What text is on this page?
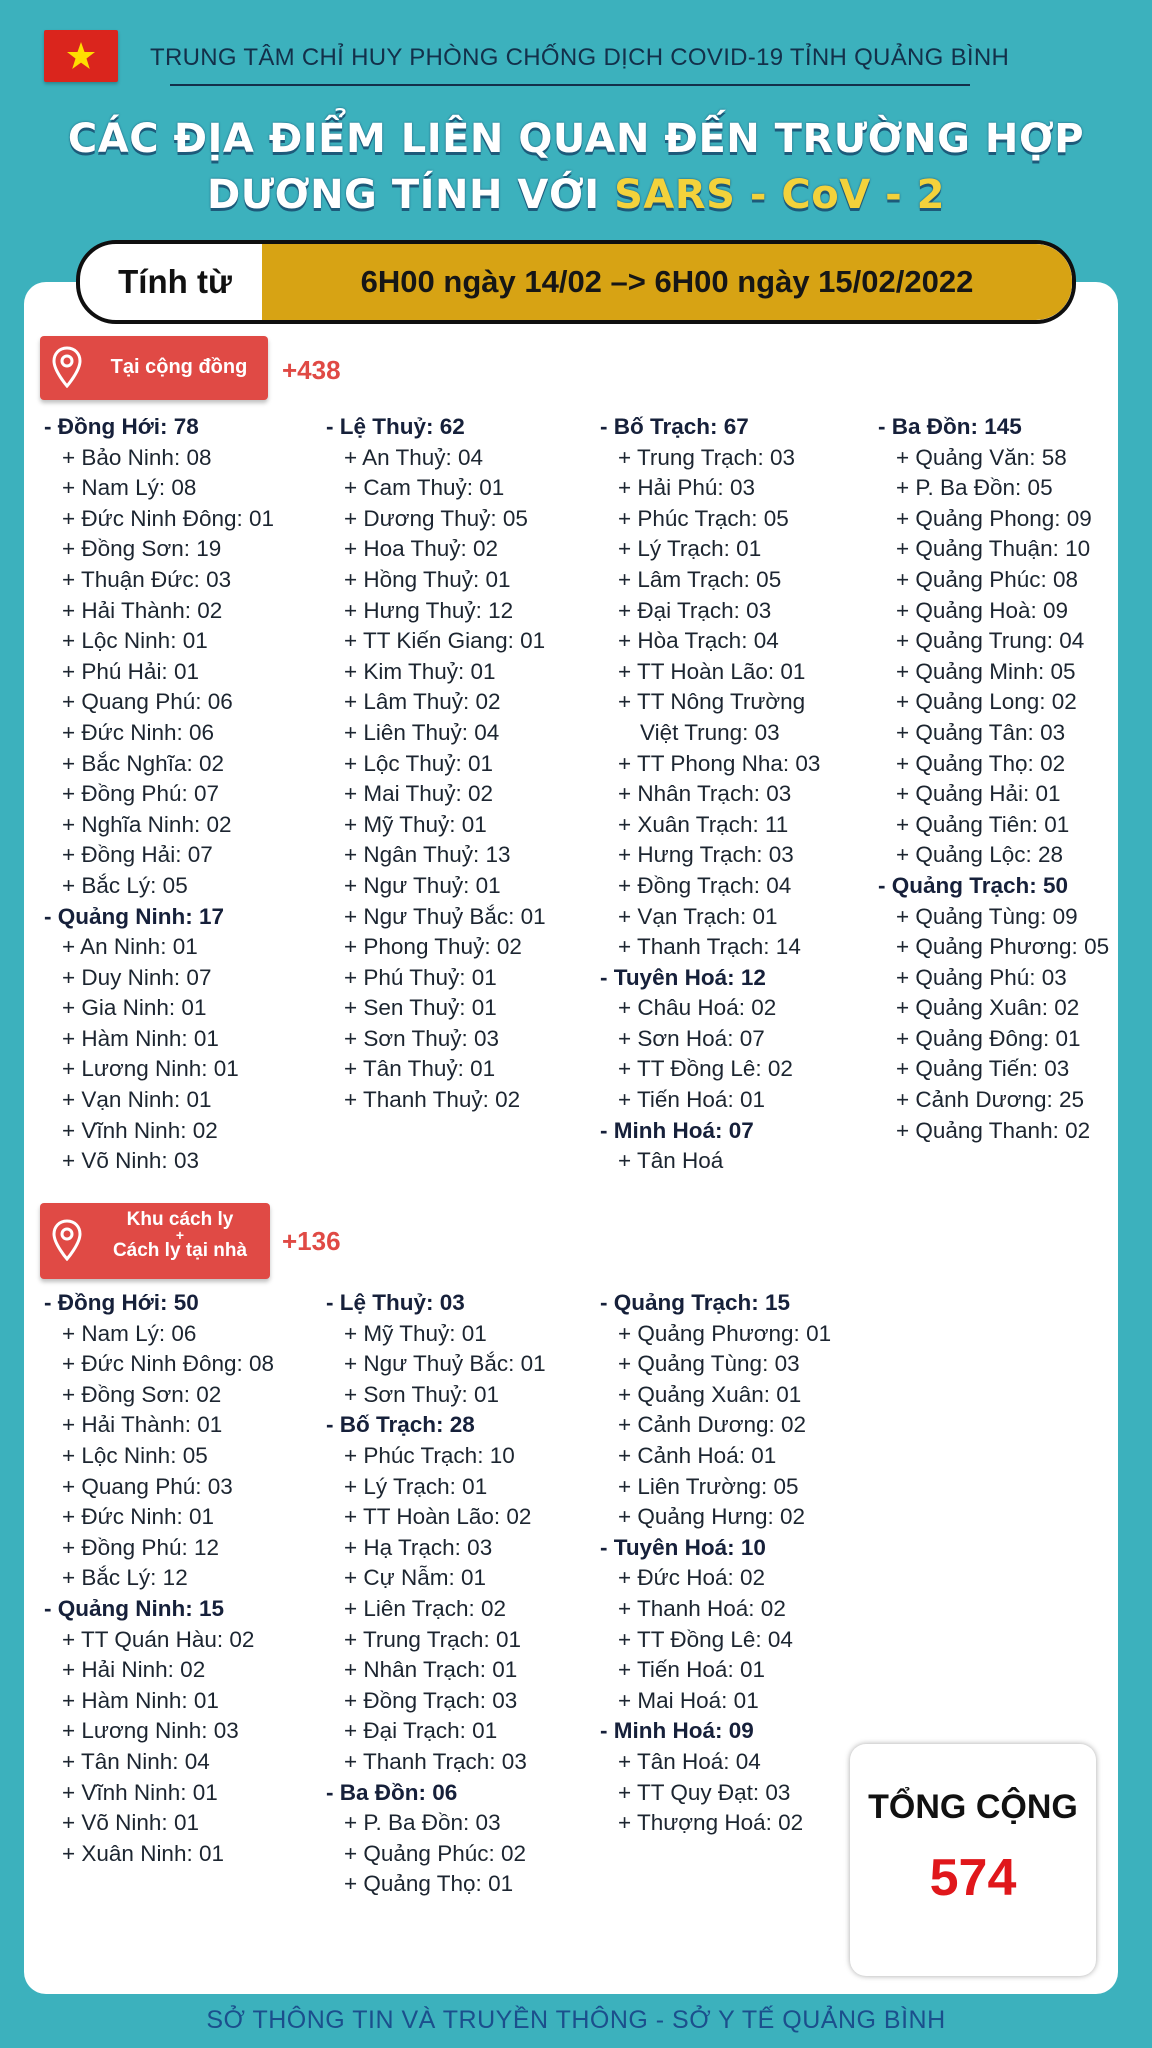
TRUNG TÂM CHỈ HUY PHÒNG CHỐNG DỊCH COVID-19 TỈNH QUẢNG BÌNH
CÁC ĐỊA ĐIỂM LIÊN QUAN ĐẾN TRƯỜNG HỢP
DƯƠNG TÍNH VỚI SARS - CoV - 2
Tính từ	6H00 ngày 14/02 –> 6H00 ngày 15/02/2022
Tại cộng đồng	+438
- Đồng Hới: 78
+ Bảo Ninh: 08
+ Nam Lý: 08
+ Đức Ninh Đông: 01
+ Đồng Sơn: 19
+ Thuận Đức: 03
+ Hải Thành: 02
+ Lộc Ninh: 01
+ Phú Hải: 01
+ Quang Phú: 06
+ Đức Ninh: 06
+ Bắc Nghĩa: 02
+ Đồng Phú: 07
+ Nghĩa Ninh: 02
+ Đồng Hải: 07
+ Bắc Lý: 05
- Quảng Ninh: 17
+ An Ninh: 01
+ Duy Ninh: 07
+ Gia Ninh: 01
+ Hàm Ninh: 01
+ Lương Ninh: 01
+ Vạn Ninh: 01
+ Vĩnh Ninh: 02
+ Võ Ninh: 03
- Lệ Thuỷ: 62
+ An Thuỷ: 04
+ Cam Thuỷ: 01
+ Dương Thuỷ: 05
+ Hoa Thuỷ: 02
+ Hồng Thuỷ: 01
+ Hưng Thuỷ: 12
+ TT Kiến Giang: 01
+ Kim Thuỷ: 01
+ Lâm Thuỷ: 02
+ Liên Thuỷ: 04
+ Lộc Thuỷ: 01
+ Mai Thuỷ: 02
+ Mỹ Thuỷ: 01
+ Ngân Thuỷ: 13
+ Ngư Thuỷ: 01
+ Ngư Thuỷ Bắc: 01
+ Phong Thuỷ: 02
+ Phú Thuỷ: 01
+ Sen Thuỷ: 01
+ Sơn Thuỷ: 03
+ Tân Thuỷ: 01
+ Thanh Thuỷ: 02
- Bố Trạch: 67
+ Trung Trạch: 03
+ Hải Phú: 03
+ Phúc Trạch: 05
+ Lý Trạch: 01
+ Lâm Trạch: 05
+ Đại Trạch: 03
+ Hòa Trạch: 04
+ TT Hoàn Lão: 01
+ TT Nông Trường
Việt Trung: 03
+ TT Phong Nha: 03
+ Nhân Trạch: 03
+ Xuân Trạch: 11
+ Hưng Trạch: 03
+ Đồng Trạch: 04
+ Vạn Trạch: 01
+ Thanh Trạch: 14
- Tuyên Hoá: 12
+ Châu Hoá: 02
+ Sơn Hoá: 07
+ TT Đồng Lê: 02
+ Tiến Hoá: 01
- Minh Hoá: 07
+ Tân Hoá
- Ba Đồn: 145
+ Quảng Văn: 58
+ P. Ba Đồn: 05
+ Quảng Phong: 09
+ Quảng Thuận: 10
+ Quảng Phúc: 08
+ Quảng Hoà: 09
+ Quảng Trung: 04
+ Quảng Minh: 05
+ Quảng Long: 02
+ Quảng Tân: 03
+ Quảng Thọ: 02
+ Quảng Hải: 01
+ Quảng Tiên: 01
+ Quảng Lộc: 28
- Quảng Trạch: 50
+ Quảng Tùng: 09
+ Quảng Phương: 05
+ Quảng Phú: 03
+ Quảng Xuân: 02
+ Quảng Đông: 01
+ Quảng Tiến: 03
+ Cảnh Dương: 25
+ Quảng Thanh: 02
Khu cách ly
+
Cách ly tại nhà	+136
- Đồng Hới: 50
+ Nam Lý: 06
+ Đức Ninh Đông: 08
+ Đồng Sơn: 02
+ Hải Thành: 01
+ Lộc Ninh: 05
+ Quang Phú: 03
+ Đức Ninh: 01
+ Đồng Phú: 12
+ Bắc Lý: 12
- Quảng Ninh: 15
+ TT Quán Hàu: 02
+ Hải Ninh: 02
+ Hàm Ninh: 01
+ Lương Ninh: 03
+ Tân Ninh: 04
+ Vĩnh Ninh: 01
+ Võ Ninh: 01
+ Xuân Ninh: 01
- Lệ Thuỷ: 03
+ Mỹ Thuỷ: 01
+ Ngư Thuỷ Bắc: 01
+ Sơn Thuỷ: 01
- Bố Trạch: 28
+ Phúc Trạch: 10
+ Lý Trạch: 01
+ TT Hoàn Lão: 02
+ Hạ Trạch: 03
+ Cự Nẫm: 01
+ Liên Trạch: 02
+ Trung Trạch: 01
+ Nhân Trạch: 01
+ Đồng Trạch: 03
+ Đại Trạch: 01
+ Thanh Trạch: 03
- Ba Đồn: 06
+ P. Ba Đồn: 03
+ Quảng Phúc: 02
+ Quảng Thọ: 01
- Quảng Trạch: 15
+ Quảng Phương: 01
+ Quảng Tùng: 03
+ Quảng Xuân: 01
+ Cảnh Dương: 02
+ Cảnh Hoá: 01
+ Liên Trường: 05
+ Quảng Hưng: 02
- Tuyên Hoá: 10
+ Đức Hoá: 02
+ Thanh Hoá: 02
+ TT Đồng Lê: 04
+ Tiến Hoá: 01
+ Mai Hoá: 01
- Minh Hoá: 09
+ Tân Hoá: 04
+ TT Quy Đạt: 03
+ Thượng Hoá: 02	TỔNG CỘNG
574
SỞ THÔNG TIN VÀ TRUYỀN THÔNG - SỞ Y TẾ QUẢNG BÌNH
